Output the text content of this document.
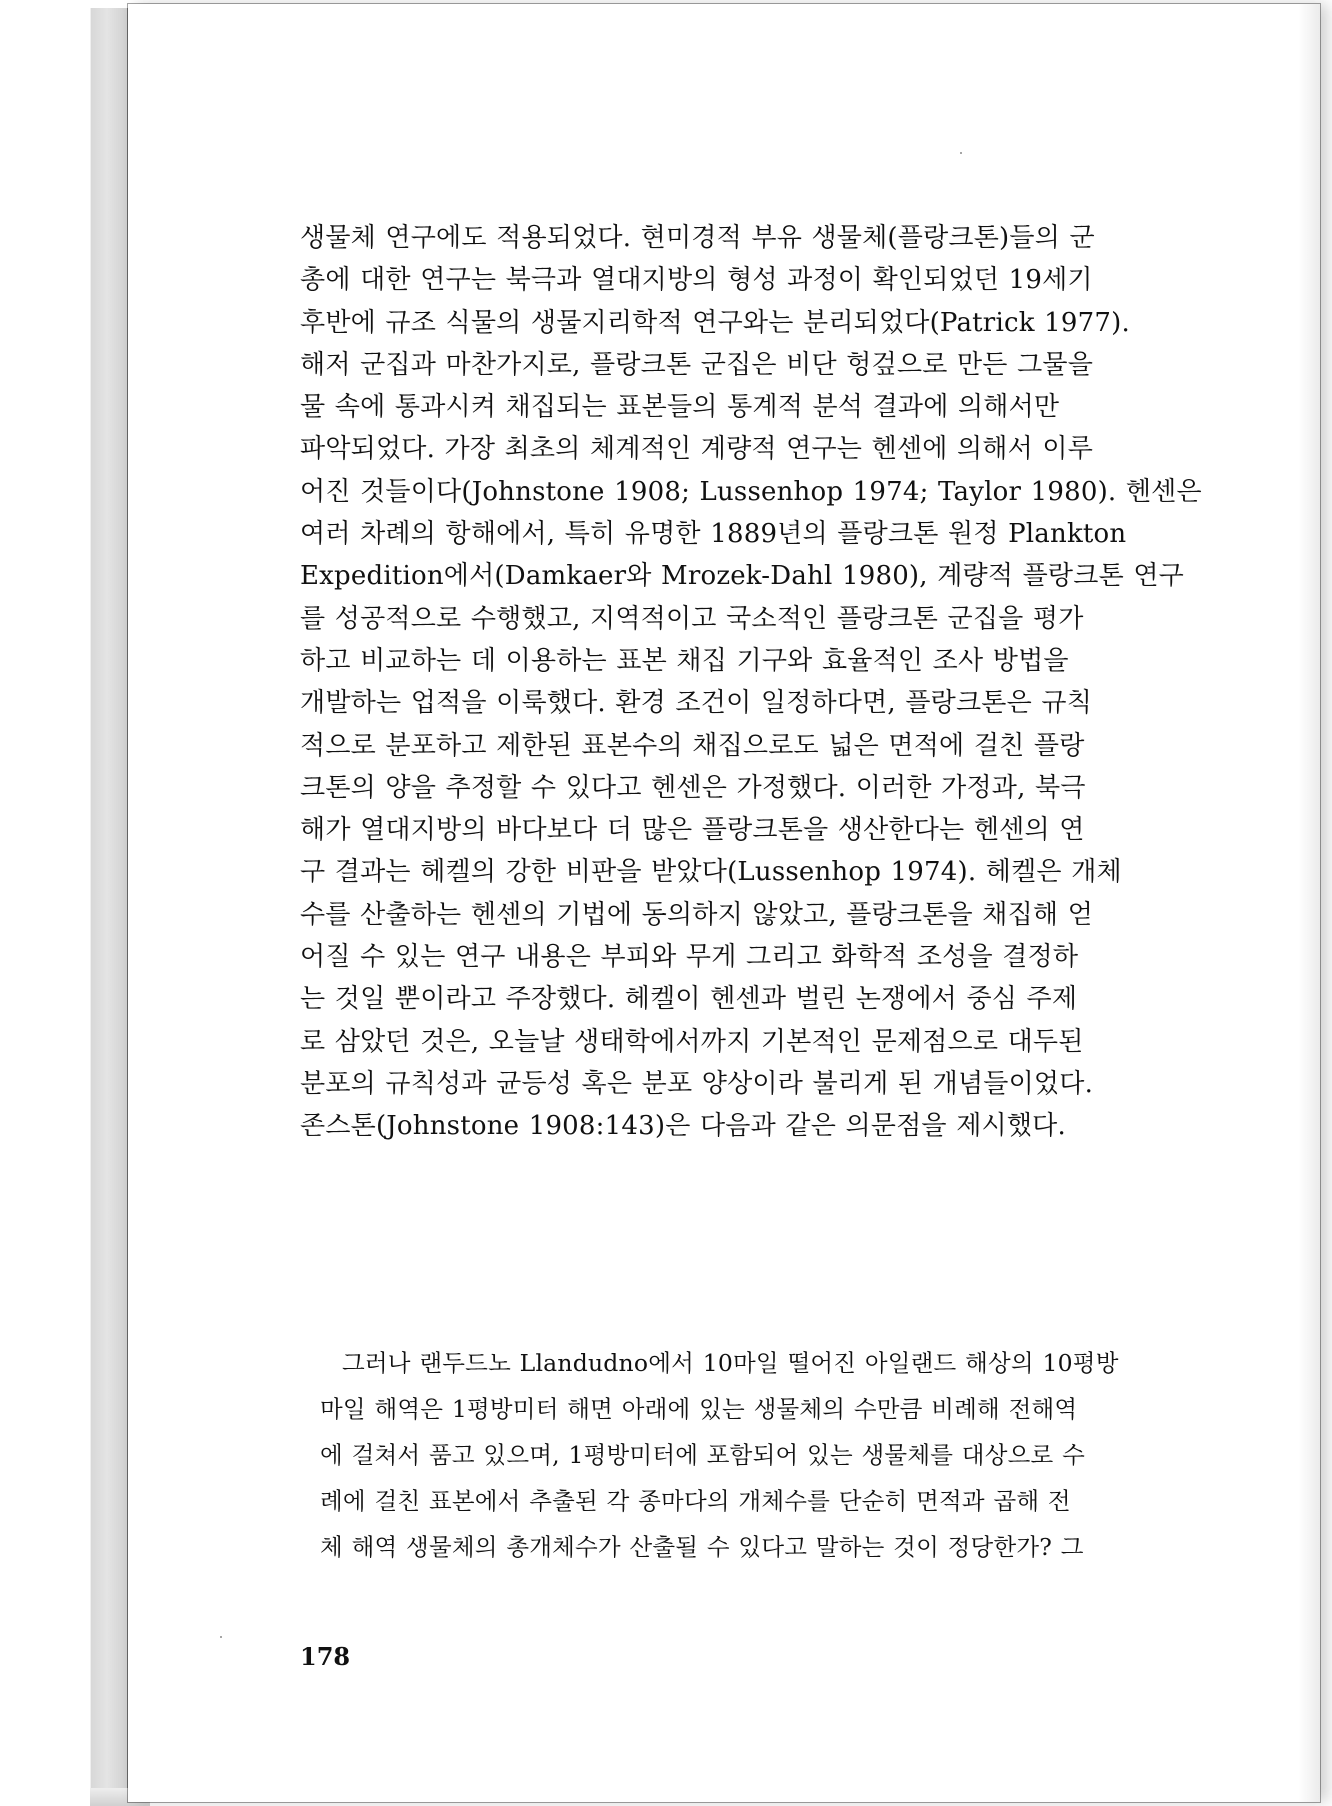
생물체 연구에도 적용되었다. 현미경적 부유 생물체(플랑크톤)들의 군
총에 대한 연구는 북극과 열대지방의 형성 과정이 확인되었던 19세기
후반에 규조 식물의 생물지리학적 연구와는 분리되었다(Patrick 1977).
해저 군집과 마찬가지로, 플랑크톤 군집은 비단 헝겊으로 만든 그물을
물 속에 통과시켜 채집되는 표본들의 통계적 분석 결과에 의해서만
파악되었다. 가장 최초의 체계적인 계량적 연구는 헨센에 의해서 이루
어진 것들이다(Johnstone 1908; Lussenhop 1974; Taylor 1980). 헨센은
여러 차례의 항해에서, 특히 유명한 1889년의 플랑크톤 원정 Plankton
Expedition에서(Damkaer와 Mrozek-Dahl 1980), 계량적 플랑크톤 연구
를 성공적으로 수행했고, 지역적이고 국소적인 플랑크톤 군집을 평가
하고 비교하는 데 이용하는 표본 채집 기구와 효율적인 조사 방법을
개발하는 업적을 이룩했다. 환경 조건이 일정하다면, 플랑크톤은 규칙
적으로 분포하고 제한된 표본수의 채집으로도 넓은 면적에 걸친 플랑
크톤의 양을 추정할 수 있다고 헨센은 가정했다. 이러한 가정과, 북극
해가 열대지방의 바다보다 더 많은 플랑크톤을 생산한다는 헨센의 연
구 결과는 헤켈의 강한 비판을 받았다(Lussenhop 1974). 헤켈은 개체
수를 산출하는 헨센의 기법에 동의하지 않았고, 플랑크톤을 채집해 얻
어질 수 있는 연구 내용은 부피와 무게 그리고 화학적 조성을 결정하
는 것일 뿐이라고 주장했다. 헤켈이 헨센과 벌린 논쟁에서 중심 주제
로 삼았던 것은, 오늘날 생태학에서까지 기본적인 문제점으로 대두된
분포의 규칙성과 균등성 혹은 분포 양상이라 불리게 된 개념들이었다.
존스톤(Johnstone 1908:143)은 다음과 같은 의문점을 제시했다.
그러나 랜두드노 Llandudno에서 10마일 떨어진 아일랜드 해상의 10평방
마일 해역은 1평방미터 해면 아래에 있는 생물체의 수만큼 비례해 전해역
에 걸쳐서 품고 있으며, 1평방미터에 포함되어 있는 생물체를 대상으로 수
례에 걸친 표본에서 추출된 각 종마다의 개체수를 단순히 면적과 곱해 전
체 해역 생물체의 총개체수가 산출될 수 있다고 말하는 것이 정당한가? 그
178
